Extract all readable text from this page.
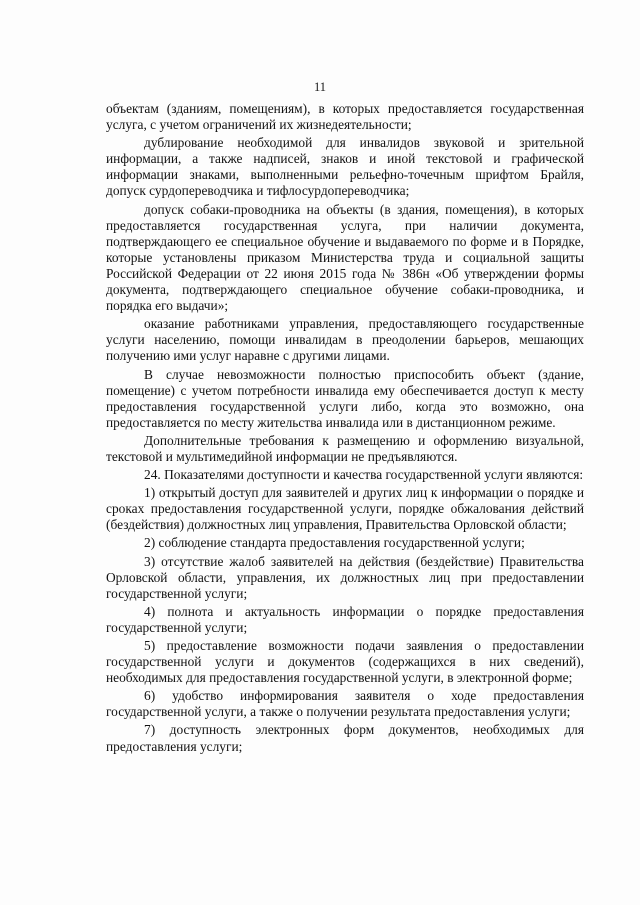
11

объектам (зданиям, помещениям), в которых предоставляется государственная услуга, с учетом ограничений их жизнедеятельности;

дублирование необходимой для инвалидов звуковой и зрительной информации, а также надписей, знаков и иной текстовой и графической информации знаками, выполненными рельефно-точечным шрифтом Брайля, допуск сурдопереводчика и тифлосурдопереводчика;

допуск собаки-проводника на объекты (в здания, помещения), в которых предоставляется государственная услуга, при наличии документа, подтверждающего ее специальное обучение и выдаваемого по форме и в Порядке, которые установлены приказом Министерства труда и социальной защиты Российской Федерации от 22 июня 2015 года № 386н «Об утверждении формы документа, подтверждающего специальное обучение собаки-проводника, и порядка его выдачи»;

оказание работниками управления, предоставляющего государственные услуги населению, помощи инвалидам в преодолении барьеров, мешающих получению ими услуг наравне с другими лицами.

В случае невозможности полностью приспособить объект (здание, помещение) с учетом потребности инвалида ему обеспечивается доступ к месту предоставления государственной услуги либо, когда это возможно, она предоставляется по месту жительства инвалида или в дистанционном режиме.

Дополнительные требования к размещению и оформлению визуальной, текстовой и мультимедийной информации не предъявляются.

24. Показателями доступности и качества государственной услуги являются:

1) открытый доступ для заявителей и других лиц к информации о порядке и сроках предоставления государственной услуги, порядке обжалования действий (бездействия) должностных лиц управления, Правительства Орловской области;

2) соблюдение стандарта предоставления государственной услуги;

3) отсутствие жалоб заявителей на действия (бездействие) Правительства Орловской области, управления, их должностных лиц при предоставлении государственной услуги;

4) полнота и актуальность информации о порядке предоставления государственной услуги;

5) предоставление возможности подачи заявления о предоставлении государственной услуги и документов (содержащихся в них сведений), необходимых для предоставления государственной услуги, в электронной форме;

6) удобство информирования заявителя о ходе предоставления государственной услуги, а также о получении результата предоставления услуги;

7) доступность электронных форм документов, необходимых для предоставления услуги;
